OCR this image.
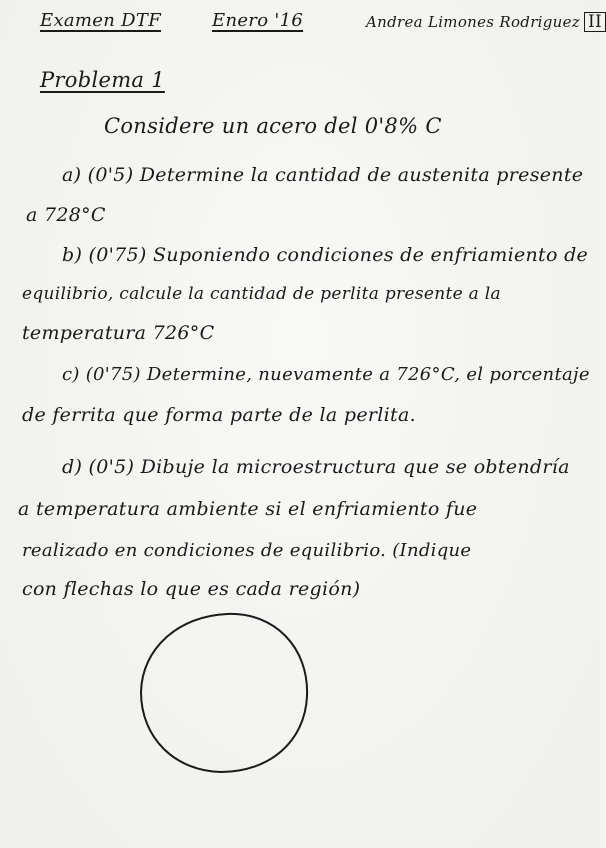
Examen DTF	Enero '16	Andrea Limones Rodriguez II
Problema 1
Considere un acero del 0'8% C
a) (0'5) Determine la cantidad de austenita presente
a 728°C
b) (0'75) Suponiendo condiciones de enfriamiento de
equilibrio, calcule la cantidad de perlita presente a la
temperatura 726°C
c) (0'75) Determine, nuevamente a 726°C, el porcentaje
de ferrita que forma parte de la perlita.
d) (0'5) Dibuje la microestructura que se obtendría
a temperatura ambiente si el enfriamiento fue
realizado en condiciones de equilibrio. (Indique
con flechas lo que es cada región)
